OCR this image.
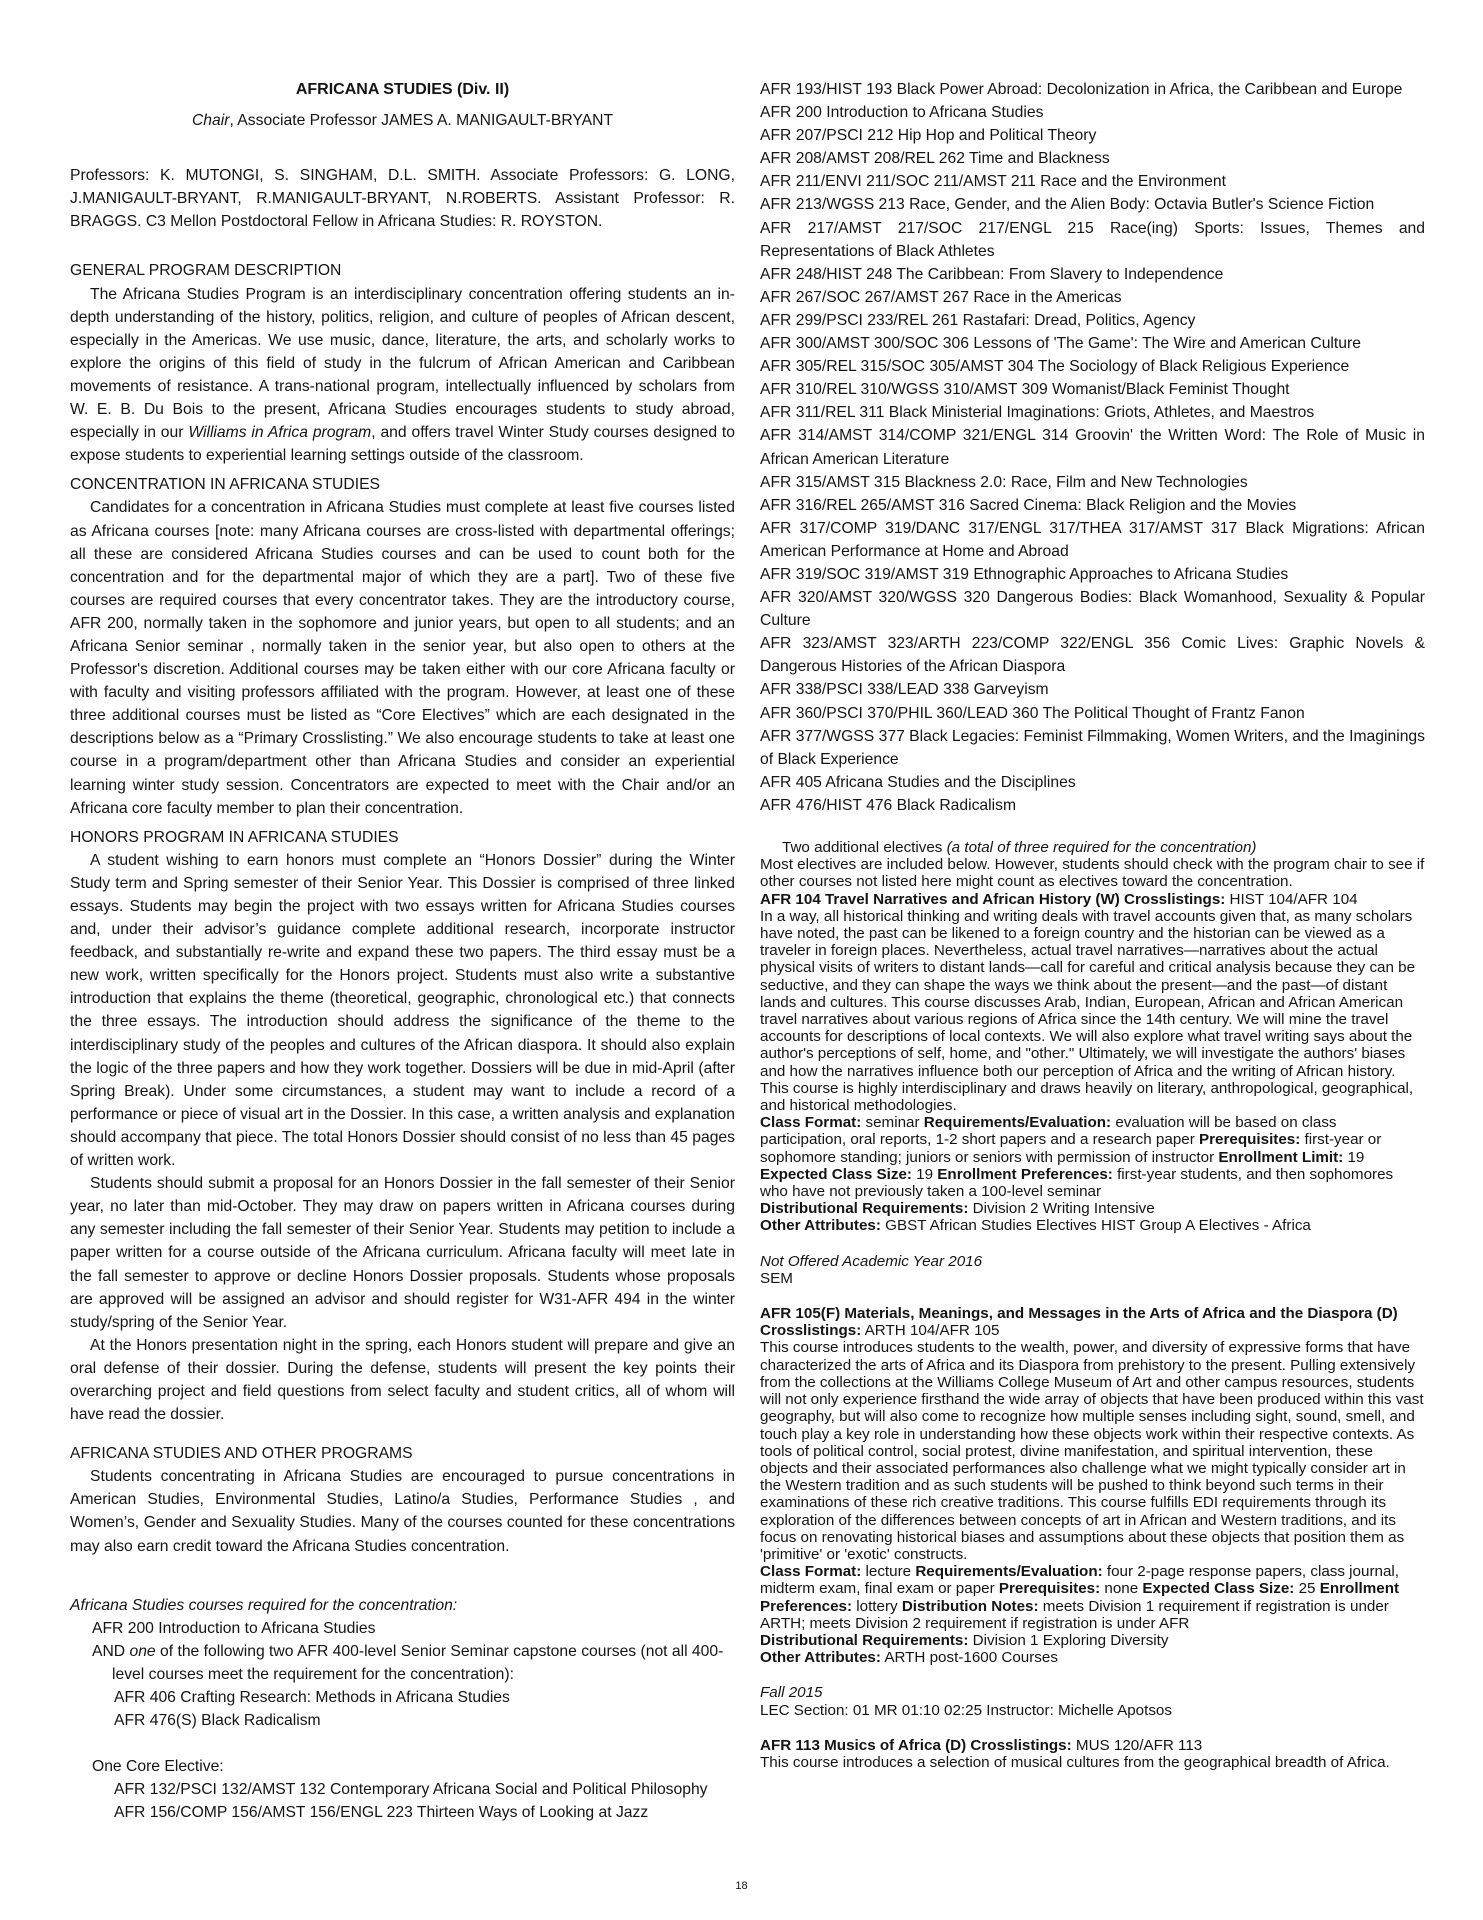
AFRICANA STUDIES (Div. II)
Chair, Associate Professor JAMES A. MANIGAULT-BRYANT

Professors: K. MUTONGI, S. SINGHAM, D.L. SMITH. Associate Professors: G. LONG, J.MANIGAULT-BRYANT, R.MANIGAULT-BRYANT, N.ROBERTS. Assistant Professor: R. BRAGGS. C3 Mellon Postdoctoral Fellow in Africana Studies: R. ROYSTON.

GENERAL PROGRAM DESCRIPTION

The Africana Studies Program is an interdisciplinary concentration offering students an in-depth understanding of the history, politics, religion, and culture of peoples of African descent, especially in the Americas. We use music, dance, literature, the arts, and scholarly works to explore the origins of this field of study in the fulcrum of African American and Caribbean movements of resistance. A trans-national program, intellectually influenced by scholars from W. E. B. Du Bois to the present, Africana Studies encourages students to study abroad, especially in our Williams in Africa program, and offers travel Winter Study courses designed to expose students to experiential learning settings outside of the classroom.

CONCENTRATION IN AFRICANA STUDIES

Candidates for a concentration in Africana Studies must complete at least five courses listed as Africana courses [note: many Africana courses are cross-listed with departmental offerings; all these are considered Africana Studies courses and can be used to count both for the concentration and for the departmental major of which they are a part]. Two of these five courses are required courses that every concentrator takes. They are the introductory course, AFR 200, normally taken in the sophomore and junior years, but open to all students; and an Africana Senior seminar , normally taken in the senior year, but also open to others at the Professor's discretion. Additional courses may be taken either with our core Africana faculty or with faculty and visiting professors affiliated with the program. However, at least one of these three additional courses must be listed as “Core Electives” which are each designated in the descriptions below as a “Primary Crosslisting.” We also encourage students to take at least one course in a program/department other than Africana Studies and consider an experiential learning winter study session. Concentrators are expected to meet with the Chair and/or an Africana core faculty member to plan their concentration.

HONORS PROGRAM IN AFRICANA STUDIES

A student wishing to earn honors must complete an “Honors Dossier” during the Winter Study term and Spring semester of their Senior Year. This Dossier is comprised of three linked essays. Students may begin the project with two essays written for Africana Studies courses and, under their advisor’s guidance complete additional research, incorporate instructor feedback, and substantially re-write and expand these two papers. The third essay must be a new work, written specifically for the Honors project. Students must also write a substantive introduction that explains the theme (theoretical, geographic, chronological etc.) that connects the three essays. The introduction should address the significance of the theme to the interdisciplinary study of the peoples and cultures of the African diaspora. It should also explain the logic of the three papers and how they work together. Dossiers will be due in mid-April (after Spring Break). Under some circumstances, a student may want to include a record of a performance or piece of visual art in the Dossier. In this case, a written analysis and explanation should accompany that piece. The total Honors Dossier should consist of no less than 45 pages of written work.

Students should submit a proposal for an Honors Dossier in the fall semester of their Senior year, no later than mid-October. They may draw on papers written in Africana courses during any semester including the fall semester of their Senior Year. Students may petition to include a paper written for a course outside of the Africana curriculum. Africana faculty will meet late in the fall semester to approve or decline Honors Dossier proposals. Students whose proposals are approved will be assigned an advisor and should register for W31-AFR 494 in the winter study/spring of the Senior Year.

At the Honors presentation night in the spring, each Honors student will prepare and give an oral defense of their dossier. During the defense, students will present the key points their overarching project and field questions from select faculty and student critics, all of whom will have read the dossier.

AFRICANA STUDIES AND OTHER PROGRAMS

Students concentrating in Africana Studies are encouraged to pursue concentrations in American Studies, Environmental Studies, Latino/a Studies, Performance Studies , and Women’s, Gender and Sexuality Studies. Many of the courses counted for these concentrations may also earn credit toward the Africana Studies concentration.

Africana Studies courses required for the concentration:
AFR 200 Introduction to Africana Studies
AND one of the following two AFR 400-level Senior Seminar capstone courses (not all 400-level courses meet the requirement for the concentration):
AFR 406 Crafting Research: Methods in Africana Studies
AFR 476(S) Black Radicalism
One Core Elective:
AFR 132/PSCI 132/AMST 132 Contemporary Africana Social and Political Philosophy
AFR 156/COMP 156/AMST 156/ENGL 223 Thirteen Ways of Looking at Jazz
AFR 193/HIST 193 Black Power Abroad: Decolonization in Africa, the Caribbean and Europe
AFR 200 Introduction to Africana Studies
AFR 207/PSCI 212 Hip Hop and Political Theory
AFR 208/AMST 208/REL 262 Time and Blackness
AFR 211/ENVI 211/SOC 211/AMST 211 Race and the Environment
AFR 213/WGSS 213 Race, Gender, and the Alien Body: Octavia Butler's Science Fiction
AFR 217/AMST 217/SOC 217/ENGL 215 Race(ing) Sports: Issues, Themes and Representations of Black Athletes
AFR 248/HIST 248 The Caribbean: From Slavery to Independence
AFR 267/SOC 267/AMST 267 Race in the Americas
AFR 299/PSCI 233/REL 261 Rastafari: Dread, Politics, Agency
AFR 300/AMST 300/SOC 306 Lessons of 'The Game': The Wire and American Culture
AFR 305/REL 315/SOC 305/AMST 304 The Sociology of Black Religious Experience
AFR 310/REL 310/WGSS 310/AMST 309 Womanist/Black Feminist Thought
AFR 311/REL 311 Black Ministerial Imaginations: Griots, Athletes, and Maestros
AFR 314/AMST 314/COMP 321/ENGL 314 Groovin' the Written Word: The Role of Music in African American Literature
AFR 315/AMST 315 Blackness 2.0: Race, Film and New Technologies
AFR 316/REL 265/AMST 316 Sacred Cinema: Black Religion and the Movies
AFR 317/COMP 319/DANC 317/ENGL 317/THEA 317/AMST 317 Black Migrations: African American Performance at Home and Abroad
AFR 319/SOC 319/AMST 319 Ethnographic Approaches to Africana Studies
AFR 320/AMST 320/WGSS 320 Dangerous Bodies: Black Womanhood, Sexuality & Popular Culture
AFR 323/AMST 323/ARTH 223/COMP 322/ENGL 356 Comic Lives: Graphic Novels & Dangerous Histories of the African Diaspora
AFR 338/PSCI 338/LEAD 338 Garveyism
AFR 360/PSCI 370/PHIL 360/LEAD 360 The Political Thought of Frantz Fanon
AFR 377/WGSS 377 Black Legacies: Feminist Filmmaking, Women Writers, and the Imaginings of Black Experience
AFR 405 Africana Studies and the Disciplines
AFR 476/HIST 476 Black Radicalism

Two additional electives (a total of three required for the concentration)

Most electives are included below. However, students should check with the program chair to see if other courses not listed here might count as electives toward the concentration.

AFR 104 Travel Narratives and African History (W) Crosslistings: HIST 104/AFR 104

In a way, all historical thinking and writing deals with travel accounts given that, as many scholars have noted, the past can be likened to a foreign country and the historian can be viewed as a traveler in foreign places. Nevertheless, actual travel narratives—narratives about the actual physical visits of writers to distant lands—call for careful and critical analysis because they can be seductive, and they can shape the ways we think about the present—and the past—of distant lands and cultures. This course discusses Arab, Indian, European, African and African American travel narratives about various regions of Africa since the 14th century. We will mine the travel accounts for descriptions of local contexts. We will also explore what travel writing says about the author's perceptions of self, home, and "other." Ultimately, we will investigate the authors' biases and how the narratives influence both our perception of Africa and the writing of African history. This course is highly interdisciplinary and draws heavily on literary, anthropological, geographical, and historical methodologies.

Class Format: seminar Requirements/Evaluation: evaluation will be based on class participation, oral reports, 1-2 short papers and a research paper Prerequisites: first-year or sophomore standing; juniors or seniors with permission of instructor Enrollment Limit: 19 Expected Class Size: 19 Enrollment Preferences: first-year students, and then sophomores who have not previously taken a 100-level seminar

Distributional Requirements: Division 2 Writing Intensive

Other Attributes: GBST African Studies Electives HIST Group A Electives - Africa

Not Offered Academic Year 2016

SEM

AFR 105(F) Materials, Meanings, and Messages in the Arts of Africa and the Diaspora (D)

Crosslistings: ARTH 104/AFR 105

This course introduces students to the wealth, power, and diversity of expressive forms that have characterized the arts of Africa and its Diaspora from prehistory to the present. Pulling extensively from the collections at the Williams College Museum of Art and other campus resources, students will not only experience firsthand the wide array of objects that have been produced within this vast geography, but will also come to recognize how multiple senses including sight, sound, smell, and touch play a key role in understanding how these objects work within their respective contexts. As tools of political control, social protest, divine manifestation, and spiritual intervention, these objects and their associated performances also challenge what we might typically consider art in the Western tradition and as such students will be pushed to think beyond such terms in their examinations of these rich creative traditions. This course fulfills EDI requirements through its exploration of the differences between concepts of art in African and Western traditions, and its focus on renovating historical biases and assumptions about these objects that position them as 'primitive' or 'exotic' constructs.

Class Format: lecture Requirements/Evaluation: four 2-page response papers, class journal, midterm exam, final exam or paper Prerequisites: none Expected Class Size: 25 Enrollment Preferences: lottery Distribution Notes: meets Division 1 requirement if registration is under ARTH; meets Division 2 requirement if registration is under AFR

Distributional Requirements: Division 1 Exploring Diversity

Other Attributes: ARTH post-1600 Courses

Fall 2015

LEC Section: 01 MR 01:10 02:25 Instructor: Michelle Apotsos

AFR 113 Musics of Africa (D) Crosslistings: MUS 120/AFR 113

This course introduces a selection of musical cultures from the geographical breadth of Africa.

18
